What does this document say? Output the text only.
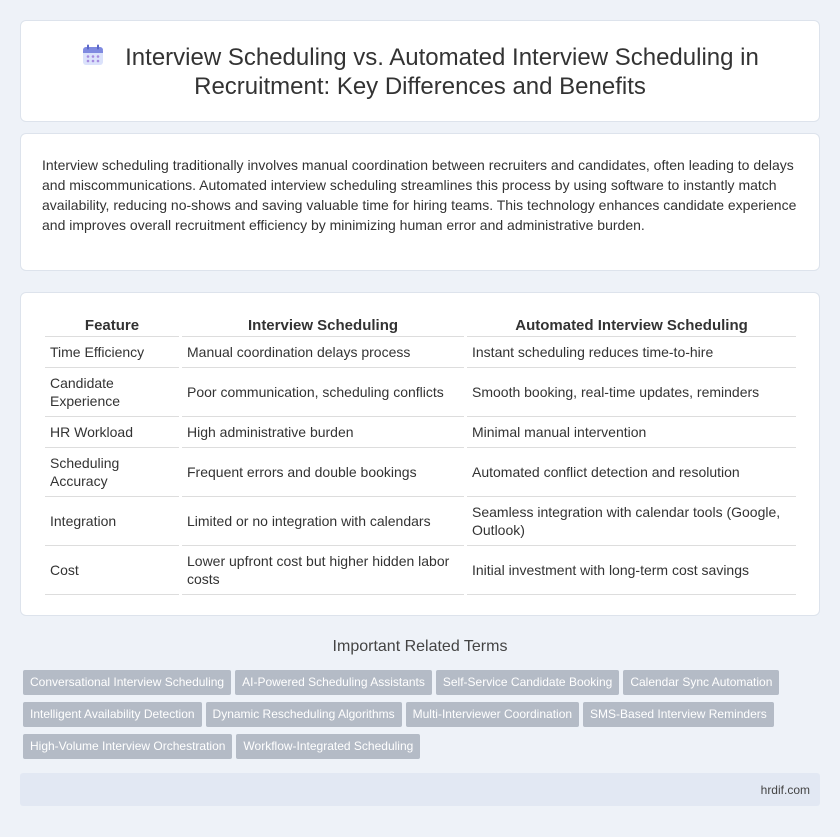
Interview Scheduling vs. Automated Interview Scheduling in Recruitment: Key Differences and Benefits

Interview scheduling traditionally involves manual coordination between recruiters and candidates, often leading to delays and miscommunications. Automated interview scheduling streamlines this process by using software to instantly match availability, reducing no-shows and saving valuable time for hiring teams. This technology enhances candidate experience and improves overall recruitment efficiency by minimizing human error and administrative burden.

Feature	Interview Scheduling	Automated Interview Scheduling
Time Efficiency	Manual coordination delays process	Instant scheduling reduces time-to-hire
Candidate Experience	Poor communication, scheduling conflicts	Smooth booking, real-time updates, reminders
HR Workload	High administrative burden	Minimal manual intervention
Scheduling Accuracy	Frequent errors and double bookings	Automated conflict detection and resolution
Integration	Limited or no integration with calendars	Seamless integration with calendar tools (Google, Outlook)
Cost	Lower upfront cost but higher hidden labor costs	Initial investment with long-term cost savings
Important Related Terms
Conversational Interview Scheduling AI-Powered Scheduling Assistants Self-Service Candidate Booking Calendar Sync Automation
Intelligent Availability Detection Dynamic Rescheduling Algorithms Multi-Interviewer Coordination SMS-Based Interview Reminders
High-Volume Interview Orchestration Workflow-Integrated Scheduling
hrdif.com
